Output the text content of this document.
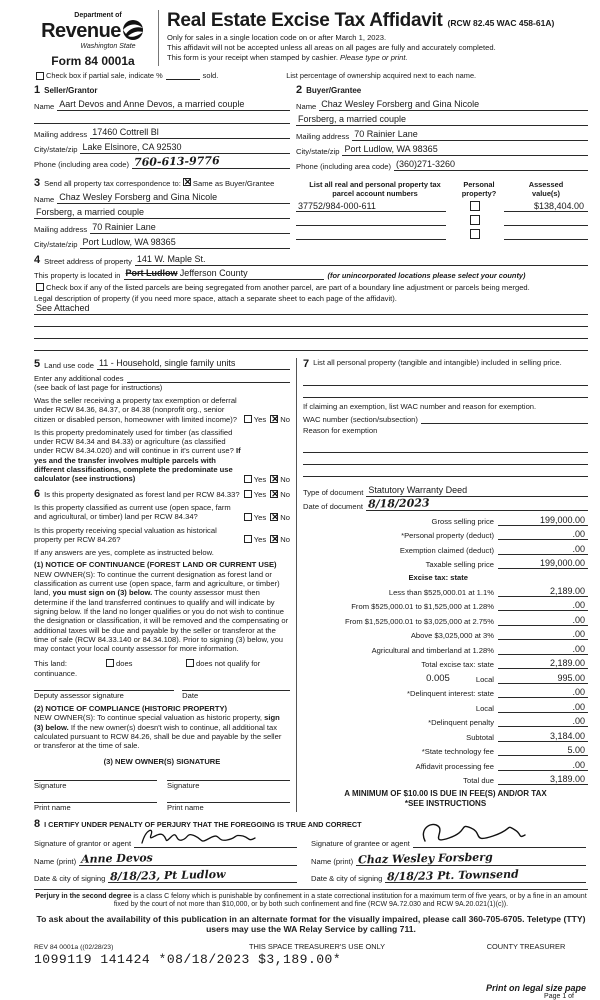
Department of
Revenue
Washington State
Form 84 0001a
Real Estate Excise Tax Affidavit (RCW 82.45 WAC 458-61A)
Only for sales in a single location code on or after March 1, 2023.
This affidavit will not be accepted unless all areas on all pages are fully and accurately completed.
This form is your receipt when stamped by cashier. Please type or print.
Check box if partial sale, indicate %	sold.	List percentage of ownership acquired next to each name.
1 Seller/Grantor
Name Aart Devos and Anne Devos, a married couple
Mailing address 17460 Cottrell Bl
City/state/zip Lake Elsinore, CA 92530
Phone (including area code) 760-613-9776
2 Buyer/Grantee
Name Chaz Wesley Forsberg and Gina Nicole
Forsberg, a married couple
Mailing address 70 Rainier Lane
City/state/zip Port Ludlow, WA 98365
Phone (including area code) (360)271-3260
3 Send all property tax correspondence to: ✕ Same as Buyer/Grantee
Name Chaz Wesley Forsberg and Gina Nicole
Forsberg, a married couple
Mailing address 70 Rainier Lane
City/state/zip Port Ludlow, WA 98365
List all real and personal property tax
parcel account numbers
Personal
property?
Assessed
value(s)
37752/984-000-611	$138,404.00
4 Street address of property 141 W. Maple St.
This property is located in Port Ludlow Jefferson County	(for unincorporated locations please select your county)
Check box if any of the listed parcels are being segregated from another parcel, are part of a boundary line adjustment or parcels being merged.
Legal description of property (if you need more space, attach a separate sheet to each page of the affidavit).
See Attached
5 Land use code 11 - Household, single family units
Enter any additional codes
(see back of last page for instructions)
Was the seller receiving a property tax exemption or deferral under RCW 84.36, 84.37, or 84.38 (nonprofit org., senior citizen or disabled person, homeowner with limited income)?	Yes ✕ No
Is this property predominately used for timber (as classified under RCW 84.34 and 84.33) or agriculture (as classified under RCW 84.34.020) and will continue in it's current use? If yes and the transfer involves multiple parcels with different classifications, complete the predominate use calculator (see instructions)	Yes ✕ No
6 Is this property designated as forest land per RCW 84.33?	Yes ✕ No
Is this property classified as current use (open space, farm and agricultural, or timber) land per RCW 84.34?	Yes ✕ No
Is this property receiving special valuation as historical property per RCW 84.26?	Yes ✕ No
If any answers are yes, complete as instructed below.
(1) NOTICE OF CONTINUANCE (FOREST LAND OR CURRENT USE)
NEW OWNER(S): To continue the current designation as forest land or classification as current use (open space, farm and agriculture, or timber) land, you must sign on (3) below. The county assessor must then determine if the land transferred continues to qualify and will indicate by signing below. If the land no longer qualifies or you do not wish to continue the designation or classification, it will be removed and the compensating or additional taxes will be due and payable by the seller or transferor at the time of sale (RCW 84.33.140 or 84.34.108). Prior to signing (3) below, you may contact your local county assessor for more information.
This land:	does	does not qualify for
continuance.
Deputy assessor signature	Date
(2) NOTICE OF COMPLIANCE (HISTORIC PROPERTY)
NEW OWNER(S): To continue special valuation as historic property, sign (3) below. If the new owner(s) doesn't wish to continue, all additional tax calculated pursuant to RCW 84.26, shall be due and payable by the seller or transferor at the time of sale.
(3) NEW OWNER(S) SIGNATURE
Signature	Signature
Print name	Print name
7 List all personal property (tangible and intangible) included in selling price.
If claiming an exemption, list WAC number and reason for exemption.
WAC number (section/subsection)
Reason for exemption
Type of document Statutory Warranty Deed
Date of document 8/18/2023
Gross selling price	199,000.00
*Personal property (deduct)	.00
Exemption claimed (deduct)	.00
Taxable selling price	199,000.00
Excise tax: state
Less than $525,000.01 at 1.1%	2,189.00
From $525,000.01 to $1,525,000 at 1.28%	.00
From $1,525,000.01 to $3,025,000 at 2.75%	.00
Above $3,025,000 at 3%	.00
Agricultural and timberland at 1.28%	.00
Total excise tax: state	2,189.00
0.005	Local	995.00
*Delinquent interest: state	.00
Local	.00
*Delinquent penalty	.00
Subtotal	3,184.00
*State technology fee	5.00
Affidavit processing fee	.00
Total due	3,189.00
A MINIMUM OF $10.00 IS DUE IN FEE(S) AND/OR TAX
*SEE INSTRUCTIONS
8 I CERTIFY UNDER PENALTY OF PERJURY THAT THE FOREGOING IS TRUE AND CORRECT
Signature of grantor or agent
Name (print) Anne Devos
Date & city of signing 8/18/23, Pt Ludlow
Signature of grantee or agent
Name (print) Chaz Wesley Forsberg
Date & city of signing 8/18/23 Pt. Townsend
Perjury in the second degree is a class C felony which is punishable by confinement in a state correctional institution for a maximum term of five years, or by a fine in an amount fixed by the court of not more than $10,000, or by both such confinement and fine (RCW 9A.72.030 and RCW 9A.20.021(1)(c)).
To ask about the availability of this publication in an alternate format for the visually impaired, please call 360-705-6705. Teletype (TTY) users may use the WA Relay Service by calling 711.
REV 84 0001a ((02/28/23)	THIS SPACE TREASURER'S USE ONLY	COUNTY TREASURER
1099119 141424 *08/18/2023 $3,189.00*
Print on legal size pape
Page 1 of
